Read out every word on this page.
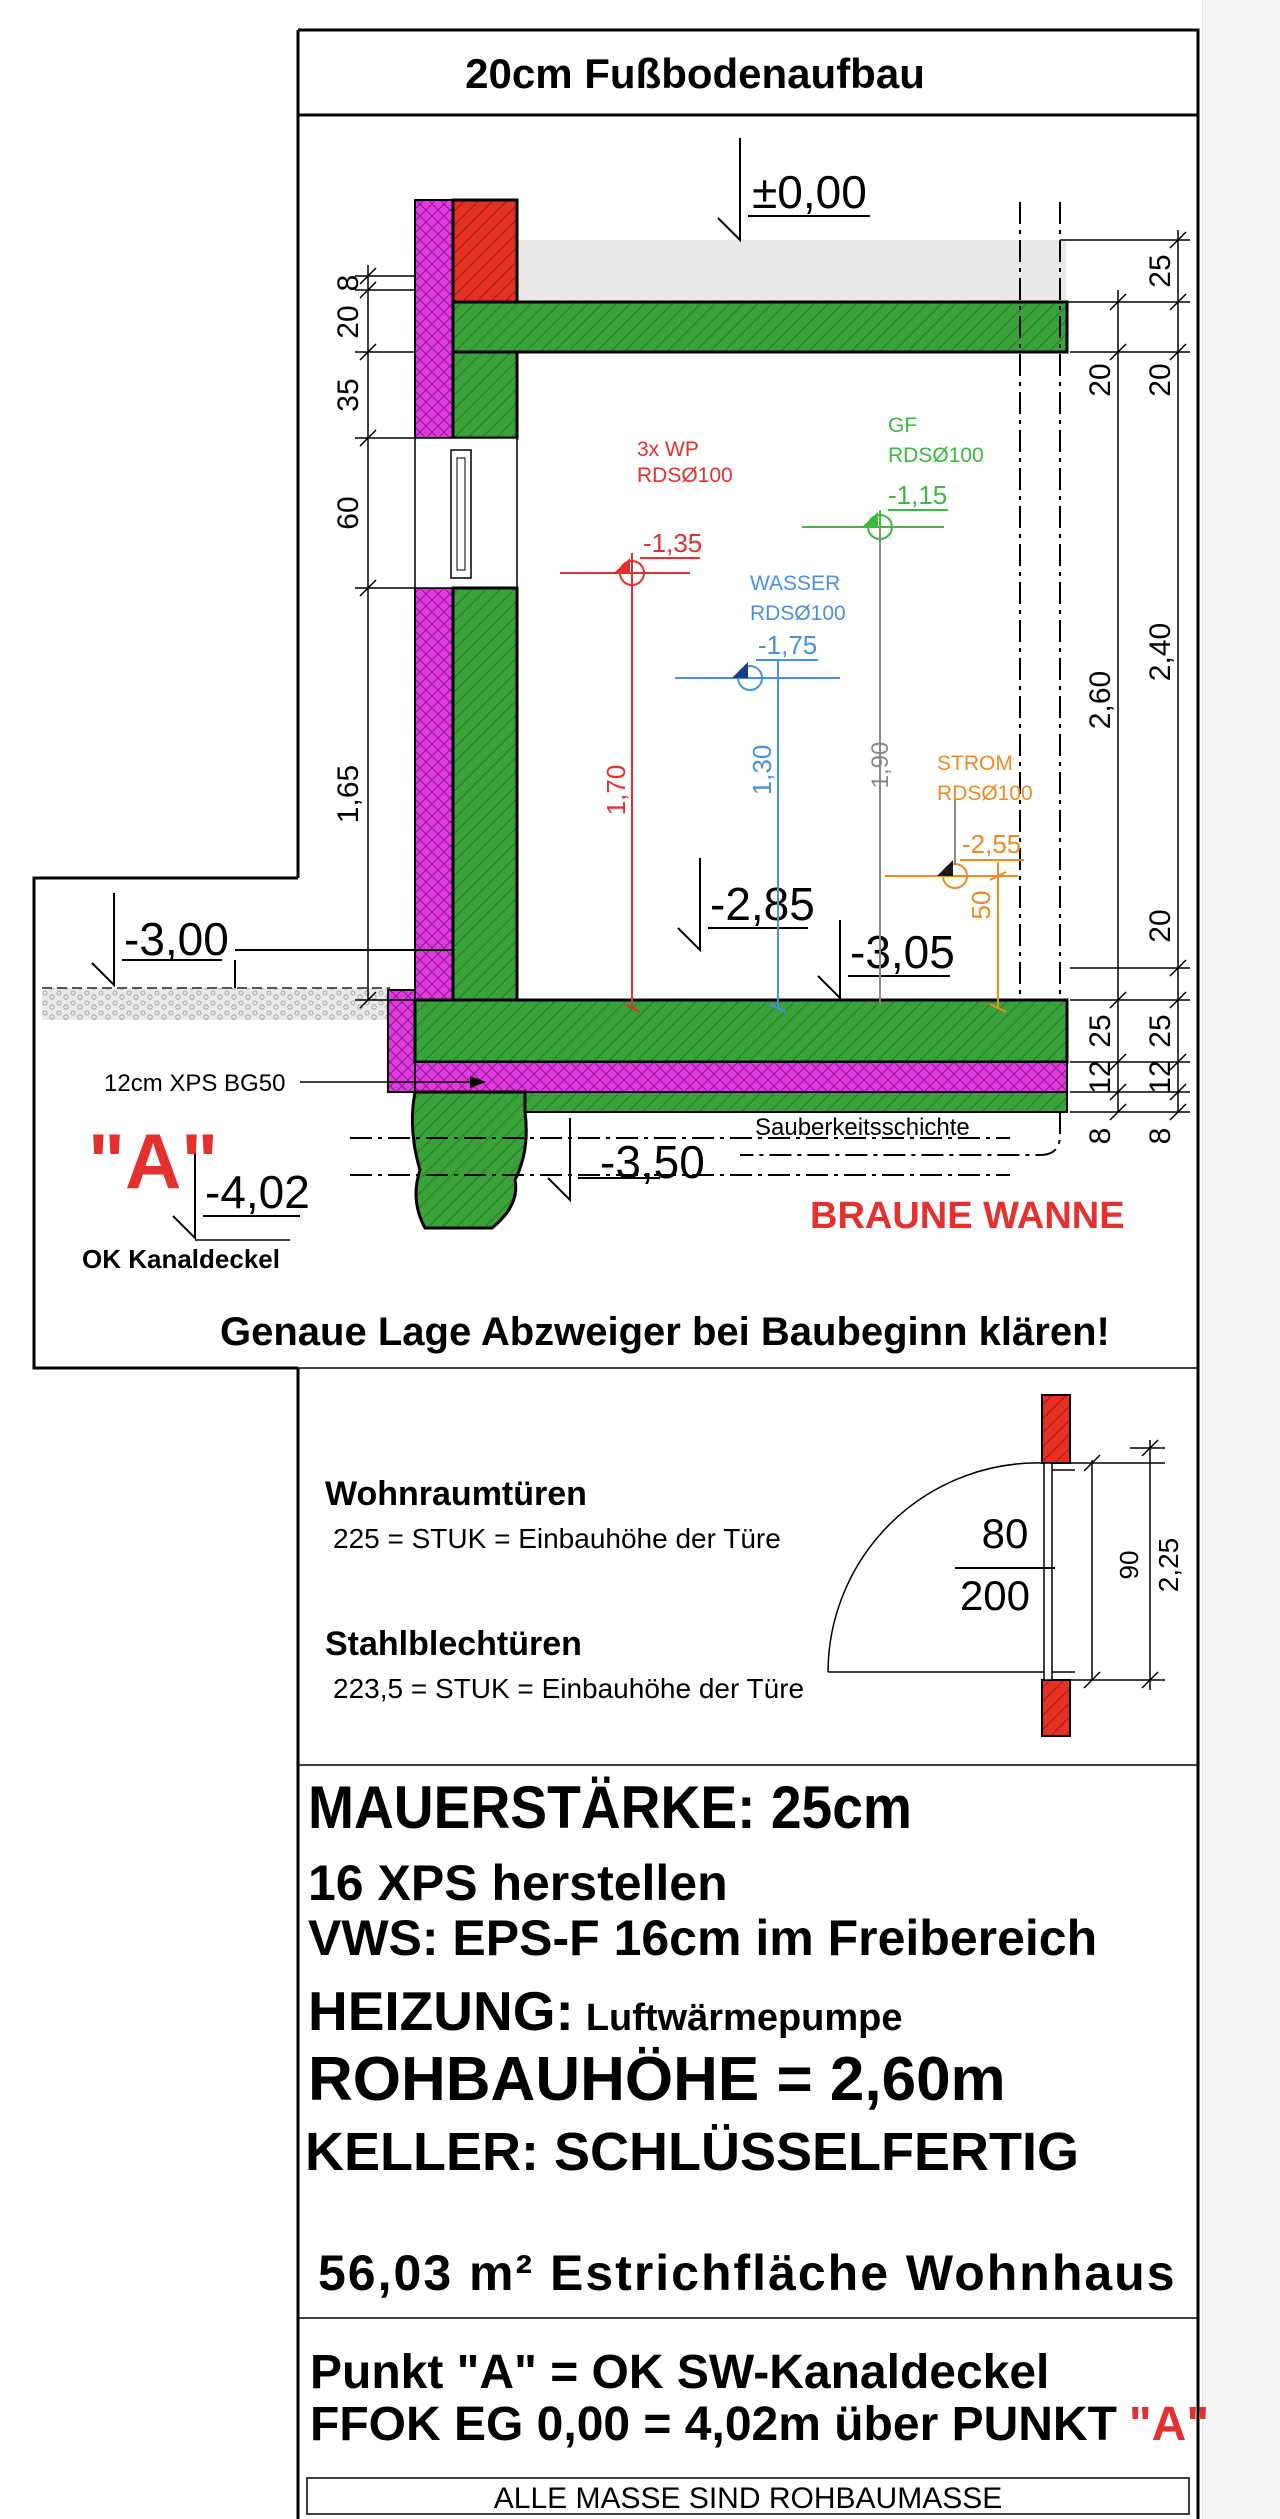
20cm Fußbodenaufbau
8
20
35
60
1,65
25
20 20
2,60
2,40
20
25 25
12 12
8 8
±0,00
-2,85
-3,00	-3,05
-3,50
-4,02
3x WP
RDSØ100
-1,35
1,70
GF
RDSØ100
-1,15
1,90
WASSER
RDSØ100
-1,75
1,30	STROM
RDSØ100
-2,55
50
12cm XPS BG50
Sauberkeitsschichte
"A"
OK Kanaldeckel
BRAUNE WANNE
Genaue Lage Abzweiger bei Baubeginn klären!
80
200
90 2,25
Wohnraumtüren
225 = STUK = Einbauhöhe der Türe
Stahlblechtüren
223,5 = STUK = Einbauhöhe der Türe
MAUERSTÄRKE: 25cm
16 XPS herstellen
VWS: EPS-F 16cm im Freibereich
HEIZUNG: Luftwärmepumpe
ROHBAUHÖHE = 2,60m
KELLER: SCHLÜSSELFERTIG
56,03 m² Estrichfläche Wohnhaus
Punkt "A" = OK SW-Kanaldeckel
FFOK EG 0,00 = 4,02m über PUNKT "A"
ALLE MASSE SIND ROHBAUMASSE
